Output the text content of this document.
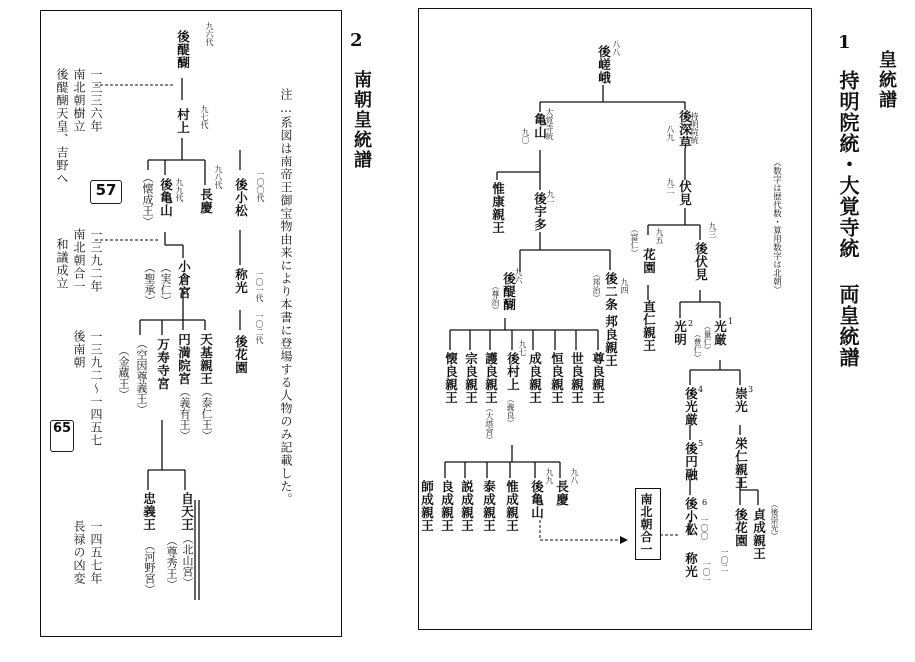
2
南朝皇統譜
注…系図は南帝王御宝物由来により本書に登場する人物のみ記載した。
一三三六年
南北朝樹立
後醍醐天皇、吉野へ
57
一三九二年
南北朝合一
和議成立
一三九二〜一四五七
後南朝
65
一四五七年
長禄の凶変
九六代
後醍醐
九七代
村上
九八代
長慶
九九代
後亀山
（懐成王）
小倉宮
（実仁）
（聖承）
天基親王
（泰仁王）
円満院宮
（義有王）
万寿寺宮
（空因尊義王）
（金蔵王）
自天王
（北山宮）
（尊秀王）
忠義王
（河野宮）
一〇〇代
後小松
一〇一代
称光
一〇二代
後花園
皇統譜
1
持明院統・大覚寺統 両皇統譜
（数字は歴代数・算用数字は北朝）
南北朝合一
八八
後嵯峨
大覚寺統
亀山
九〇	持明院統
後深草
八九
惟康親王	九一
後宇多	伏見
九二
（富仁） 九五
花園
九三
後伏見
直仁親王
九四
後二条
（邦治）
邦良親王
九六
後醍醐
（尊治）
2
光明 （豊仁）
1
光厳
（量仁）
懐良親王 宗良親王	恒良親王
成良親王 世良親王 尊良親王
九七
後村上
（義良）
護良親王
（大塔宮）
4
後光厳	3
崇光
5
後円融	栄仁親王
6 一〇〇
後小松
称光 一〇一
後花園
一〇二 貞成親王 （後崇光）
九八
長慶
九九
後亀山
惟成親王
泰成親王
説成親王
良成親王
師成親王
